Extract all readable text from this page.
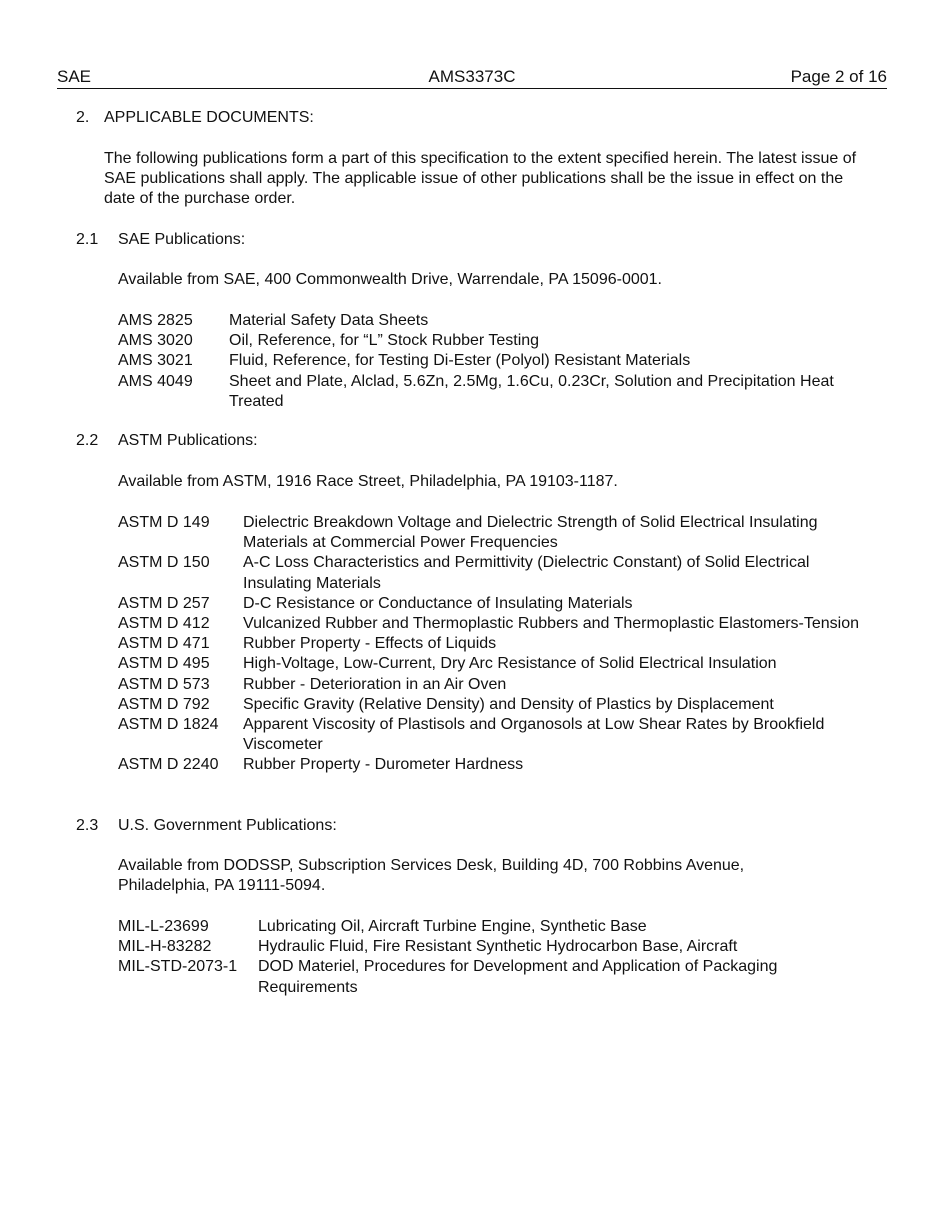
SAE	AMS3373C	Page 2 of 16
2. APPLICABLE DOCUMENTS:
The following publications form a part of this specification to the extent specified herein. The latest issue of SAE publications shall apply. The applicable issue of other publications shall be the issue in effect on the date of the purchase order.
2.1 SAE Publications:
Available from SAE, 400 Commonwealth Drive, Warrendale, PA 15096-0001.
AMS 2825	Material Safety Data Sheets
AMS 3020	Oil, Reference, for “L” Stock Rubber Testing
AMS 3021	Fluid, Reference, for Testing Di-Ester (Polyol) Resistant Materials
AMS 4049	Sheet and Plate, Alclad, 5.6Zn, 2.5Mg, 1.6Cu, 0.23Cr, Solution and Precipitation Heat Treated
2.2 ASTM Publications:
Available from ASTM, 1916 Race Street, Philadelphia, PA 19103-1187.
ASTM D 149	Dielectric Breakdown Voltage and Dielectric Strength of Solid Electrical Insulating Materials at Commercial Power Frequencies
ASTM D 150	A-C Loss Characteristics and Permittivity (Dielectric Constant) of Solid Electrical Insulating Materials
ASTM D 257	D-C Resistance or Conductance of Insulating Materials
ASTM D 412	Vulcanized Rubber and Thermoplastic Rubbers and Thermoplastic Elastomers-Tension
ASTM D 471	Rubber Property - Effects of Liquids
ASTM D 495	High-Voltage, Low-Current, Dry Arc Resistance of Solid Electrical Insulation
ASTM D 573	Rubber - Deterioration in an Air Oven
ASTM D 792	Specific Gravity (Relative Density) and Density of Plastics by Displacement
ASTM D 1824	Apparent Viscosity of Plastisols and Organosols at Low Shear Rates by Brookfield Viscometer
ASTM D 2240	Rubber Property - Durometer Hardness
2.3 U.S. Government Publications:
Available from DODSSP, Subscription Services Desk, Building 4D, 700 Robbins Avenue, Philadelphia, PA 19111-5094.
MIL-L-23699	Lubricating Oil, Aircraft Turbine Engine, Synthetic Base
MIL-H-83282	Hydraulic Fluid, Fire Resistant Synthetic Hydrocarbon Base, Aircraft
MIL-STD-2073-1	DOD Materiel, Procedures for Development and Application of Packaging Requirements
